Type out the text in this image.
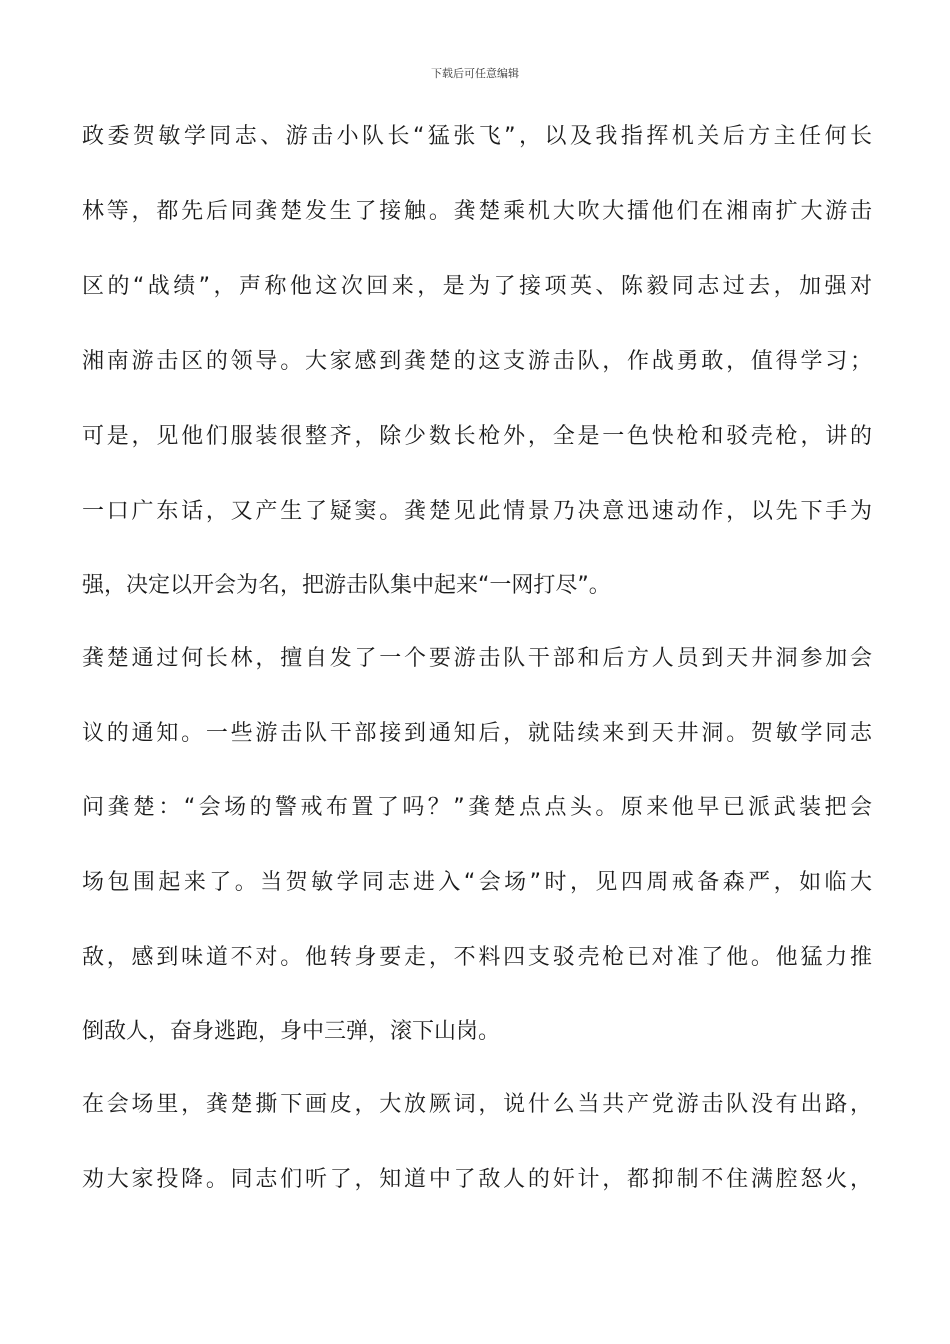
下载后可任意编辑
政委贺敏学同志、游击小队长“猛张飞”，以及我指挥机关后方主任何长
林等，都先后同龚楚发生了接触。龚楚乘机大吹大擂他们在湘南扩大游击
区的“战绩”，声称他这次回来，是为了接项英、陈毅同志过去，加强对
湘南游击区的领导。大家感到龚楚的这支游击队，作战勇敢，值得学习；
可是，见他们服装很整齐，除少数长枪外，全是一色快枪和驳壳枪，讲的
一口广东话，又产生了疑窦。龚楚见此情景乃决意迅速动作，以先下手为
强，决定以开会为名，把游击队集中起来“一网打尽”。
龚楚通过何长林，擅自发了一个要游击队干部和后方人员到天井洞参加会
议的通知。一些游击队干部接到通知后，就陆续来到天井洞。贺敏学同志
问龚楚：“会场的警戒布置了吗？”龚楚点点头。原来他早已派武装把会
场包围起来了。当贺敏学同志进入“会场”时，见四周戒备森严，如临大
敌，感到味道不对。他转身要走，不料四支驳壳枪已对准了他。他猛力推
倒敌人，奋身逃跑，身中三弹，滚下山岗。
在会场里，龚楚撕下画皮，大放厥词，说什么当共产党游击队没有出路，
劝大家投降。同志们听了，知道中了敌人的奸计，都抑制不住满腔怒火，
